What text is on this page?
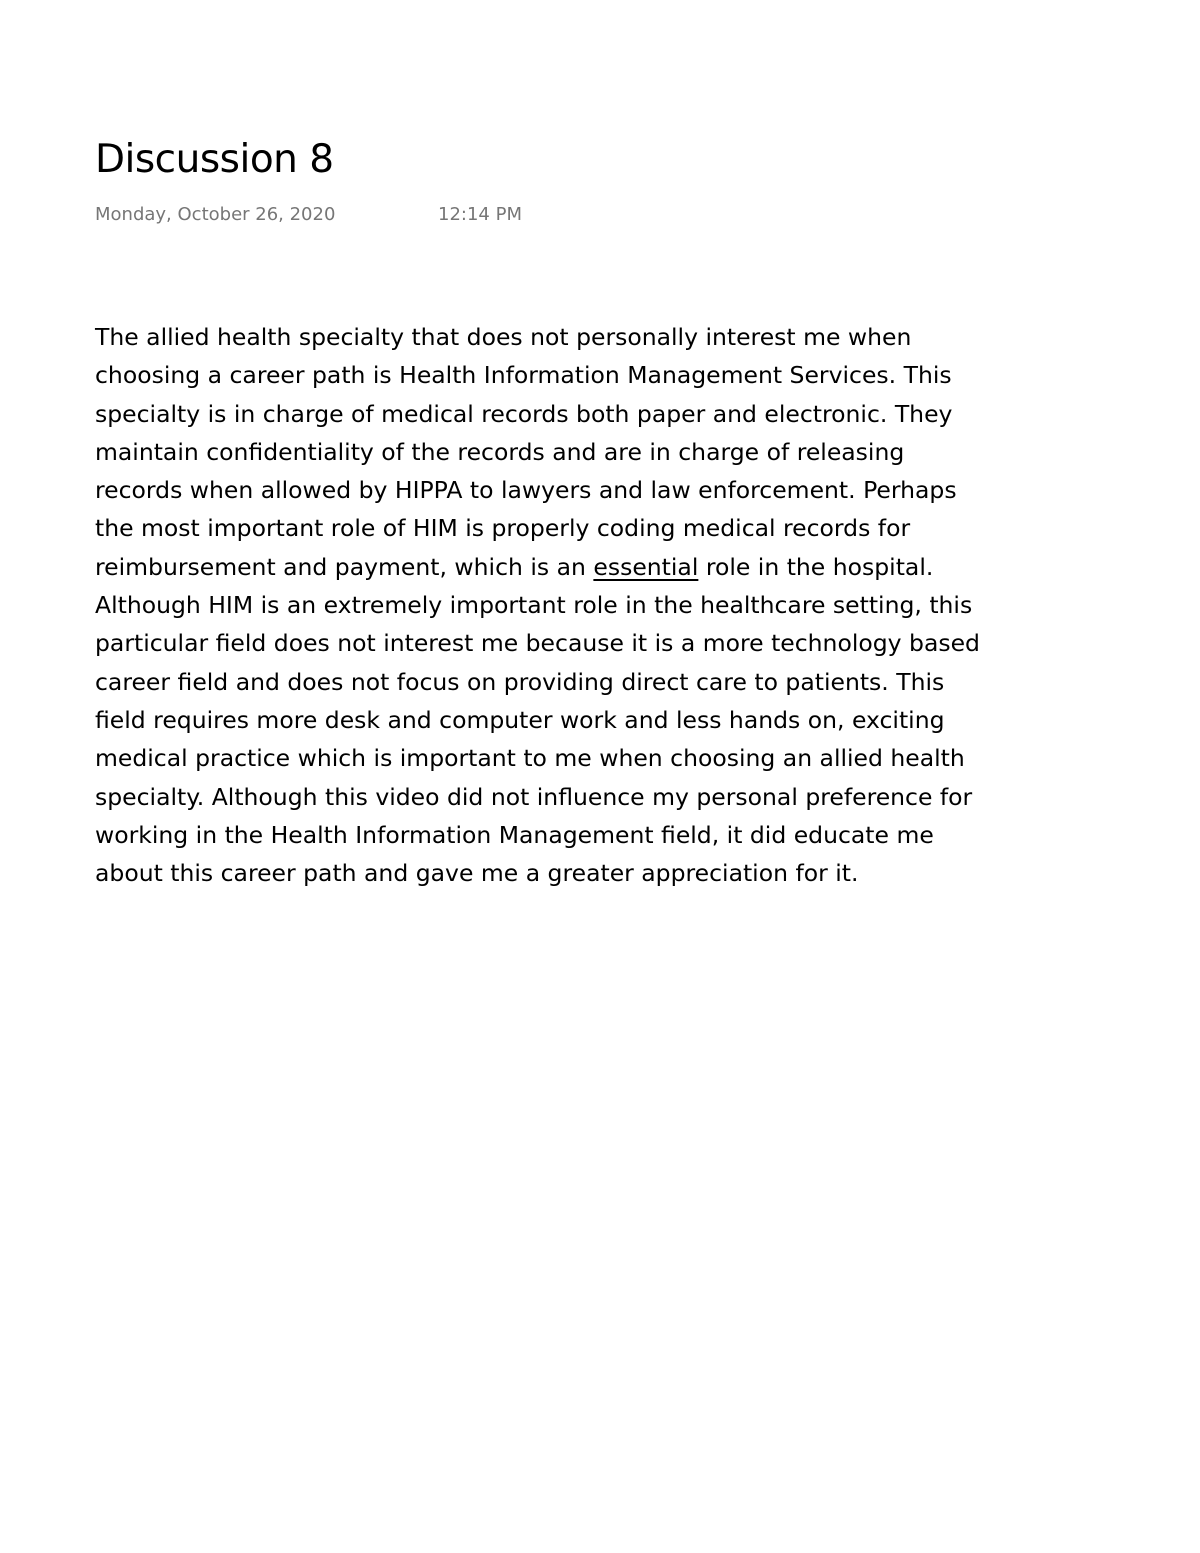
Discussion 8
Monday, October 26, 2020	12:14 PM
The allied health specialty that does not personally interest me when
choosing a career path is Health Information Management Services. This
specialty is in charge of medical records both paper and electronic. They
maintain confidentiality of the records and are in charge of releasing
records when allowed by HIPPA to lawyers and law enforcement. Perhaps
the most important role of HIM is properly coding medical records for
reimbursement and payment, which is an essential role in the hospital.
Although HIM is an extremely important role in the healthcare setting, this
particular field does not interest me because it is a more technology based
career field and does not focus on providing direct care to patients. This
field requires more desk and computer work and less hands on, exciting
medical practice which is important to me when choosing an allied health
specialty. Although this video did not influence my personal preference for
working in the Health Information Management field, it did educate me
about this career path and gave me a greater appreciation for it.
